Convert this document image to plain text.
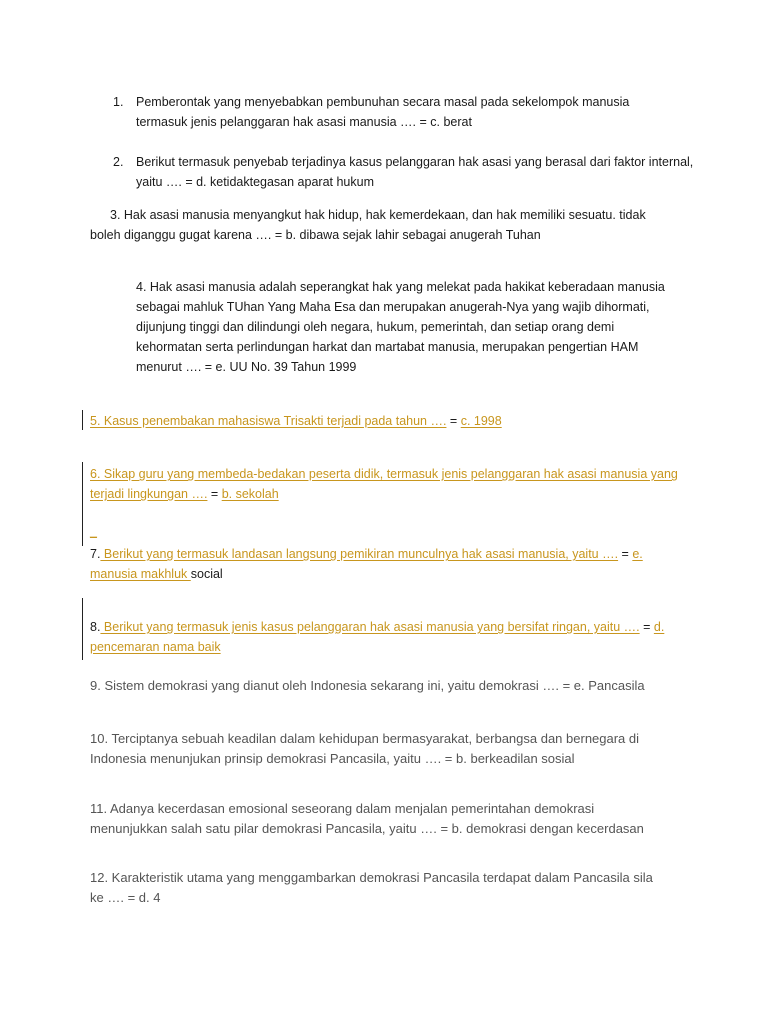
1. Pemberontak yang menyebabkan pembunuhan secara masal pada sekelompok manusia termasuk jenis pelanggaran hak asasi manusia …. = c. berat
2. Berikut termasuk penyebab terjadinya kasus pelanggaran hak asasi yang berasal dari faktor internal, yaitu …. = d. ketidaktegasan aparat hukum
3. Hak asasi manusia menyangkut hak hidup, hak kemerdekaan, dan hak memiliki sesuatu. tidak boleh diganggu gugat karena …. = b. dibawa sejak lahir sebagai anugerah Tuhan
4. Hak asasi manusia adalah seperangkat hak yang melekat pada hakikat keberadaan manusia sebagai mahluk TUhan Yang Maha Esa dan merupakan anugerah-Nya yang wajib dihormati, dijunjung tinggi dan dilindungi oleh negara, hukum, pemerintah, dan setiap orang demi kehormatan serta perlindungan harkat dan martabat manusia, merupakan pengertian HAM menurut …. = e. UU No. 39 Tahun 1999
5. Kasus penembakan mahasiswa Trisakti terjadi pada tahun …. = c. 1998
6. Sikap guru yang membeda-bedakan peserta didik, termasuk jenis pelanggaran hak asasi manusia yang terjadi lingkungan …. = b. sekolah
_
7. Berikut yang termasuk landasan langsung pemikiran munculnya hak asasi manusia, yaitu …. = e. manusia makhluk social
8. Berikut yang termasuk jenis kasus pelanggaran hak asasi manusia yang bersifat ringan, yaitu …. = d. pencemaran nama baik
9. Sistem demokrasi yang dianut oleh Indonesia sekarang ini, yaitu demokrasi …. = e. Pancasila
10. Terciptanya sebuah keadilan dalam kehidupan bermasyarakat, berbangsa dan bernegara di Indonesia menunjukan prinsip demokrasi Pancasila, yaitu …. = b. berkeadilan sosial
11. Adanya kecerdasan emosional seseorang dalam menjalan pemerintahan demokrasi menunjukkan salah satu pilar demokrasi Pancasila, yaitu …. = b. demokrasi dengan kecerdasan
12. Karakteristik utama yang menggambarkan demokrasi Pancasila terdapat dalam Pancasila sila ke …. = d. 4
